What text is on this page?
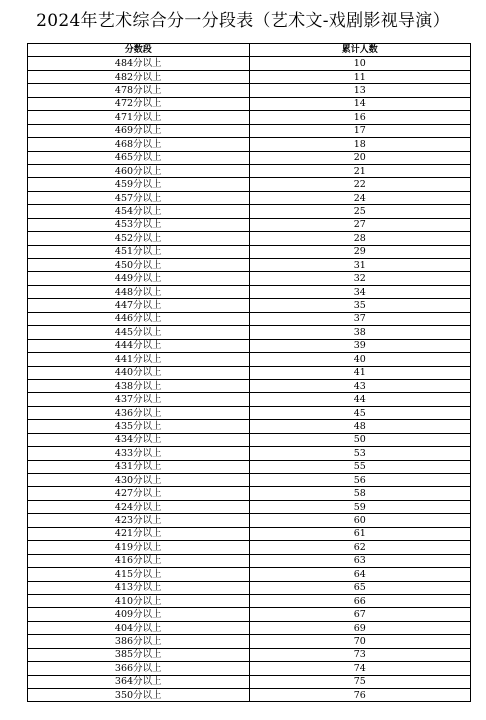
2024年艺术综合分一分段表（艺术文-戏剧影视导演）
分数段	累计人数
484分以上	10
482分以上	11
478分以上	13
472分以上	14
471分以上	16
469分以上	17
468分以上	18
465分以上	20
460分以上	21
459分以上	22
457分以上	24
454分以上	25
453分以上	27
452分以上	28
451分以上	29
450分以上	31
449分以上	32
448分以上	34
447分以上	35
446分以上	37
445分以上	38
444分以上	39
441分以上	40
440分以上	41
438分以上	43
437分以上	44
436分以上	45
435分以上	48
434分以上	50
433分以上	53
431分以上	55
430分以上	56
427分以上	58
424分以上	59
423分以上	60
421分以上	61
419分以上	62
416分以上	63
415分以上	64
413分以上	65
410分以上	66
409分以上	67
404分以上	69
386分以上	70
385分以上	73
366分以上	74
364分以上	75
350分以上	76
